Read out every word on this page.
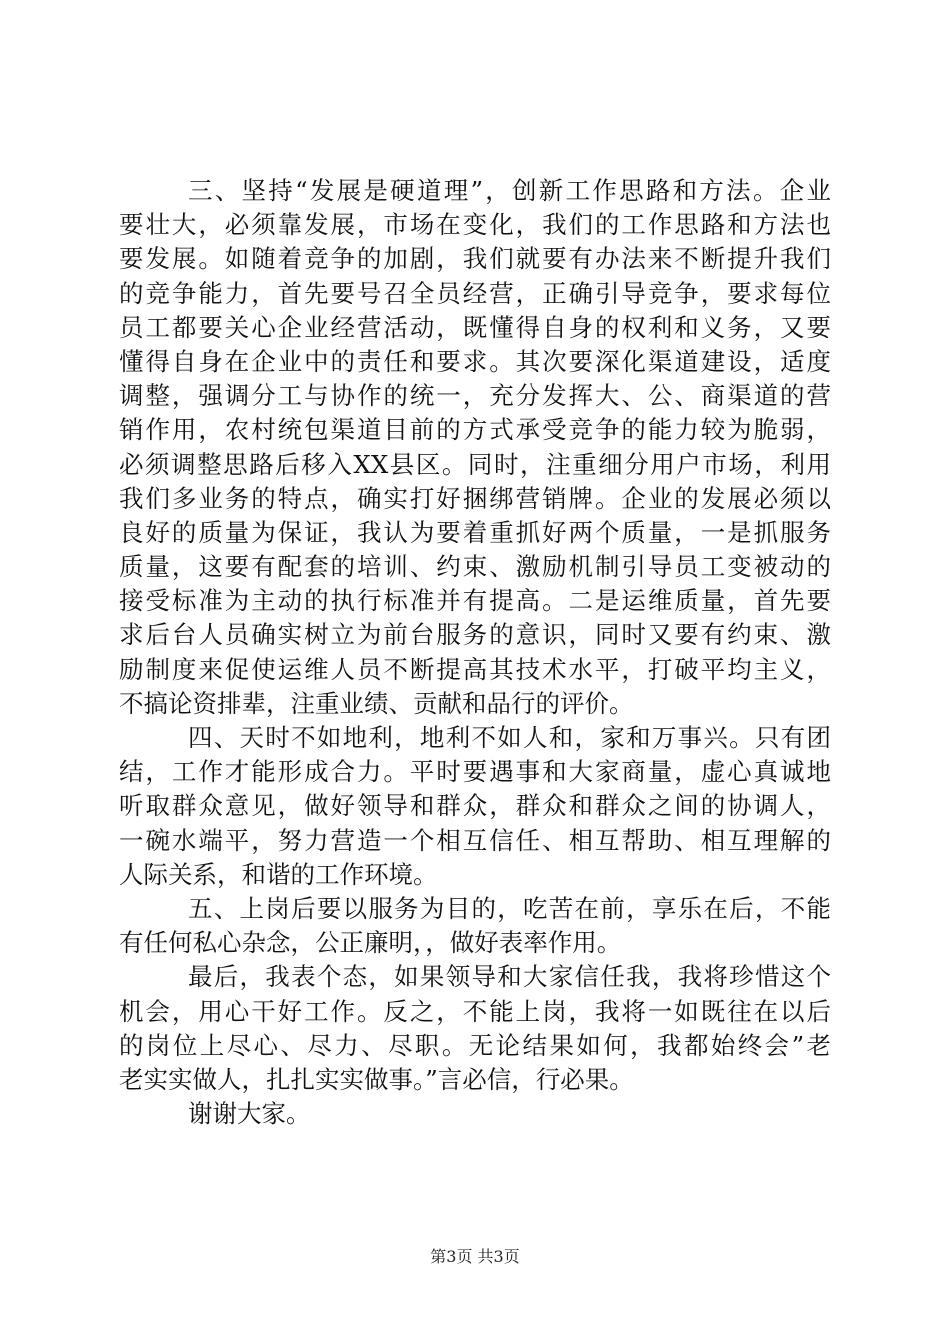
三、坚持“发展是硬道理”，创新工作思路和方法。企业
要壮大，必须靠发展，市场在变化，我们的工作思路和方法也
要发展。如随着竞争的加剧，我们就要有办法来不断提升我们
的竞争能力，首先要号召全员经营，正确引导竞争，要求每位
员工都要关心企业经营活动，既懂得自身的权利和义务，又要
懂得自身在企业中的责任和要求。其次要深化渠道建设，适度
调整，强调分工与协作的统一，充分发挥大、公、商渠道的营
销作用，农村统包渠道目前的方式承受竞争的能力较为脆弱，
必须调整思路后移入XX县区。同时，注重细分用户市场，利用
我们多业务的特点，确实打好捆绑营销牌。企业的发展必须以
良好的质量为保证，我认为要着重抓好两个质量，一是抓服务
质量，这要有配套的培训、约束、激励机制引导员工变被动的
接受标准为主动的执行标准并有提高。二是运维质量，首先要
求后台人员确实树立为前台服务的意识，同时又要有约束、激
励制度来促使运维人员不断提高其技术水平，打破平均主义，
不搞论资排辈，注重业绩、贡献和品行的评价。
四、天时不如地利，地利不如人和，家和万事兴。只有团
结，工作才能形成合力。平时要遇事和大家商量，虚心真诚地
听取群众意见，做好领导和群众，群众和群众之间的协调人，
一碗水端平，努力营造一个相互信任、相互帮助、相互理解的
人际关系，和谐的工作环境。
五、上岗后要以服务为目的，吃苦在前，享乐在后，不能
有任何私心杂念，公正廉明，，做好表率作用。
最后，我表个态，如果领导和大家信任我，我将珍惜这个
机会，用心干好工作。反之，不能上岗，我将一如既往在以后
的岗位上尽心、尽力、尽职。无论结果如何，我都始终会”老
老实实做人，扎扎实实做事。”言必信，行必果。
谢谢大家。
第3页 共3页
